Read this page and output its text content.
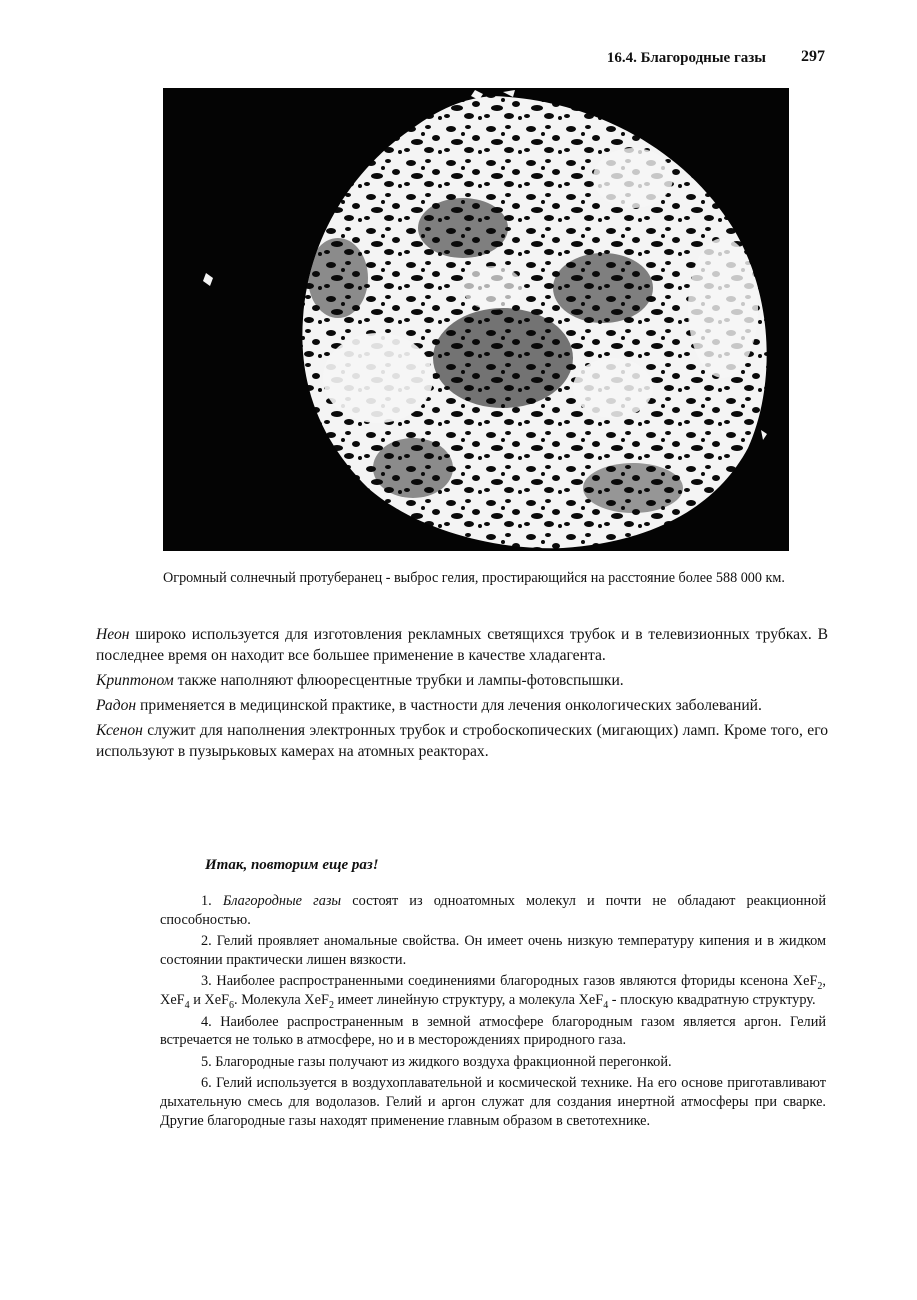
16.4. Благородные газы 297
Огромный солнечный протуберанец - выброс гелия, простирающийся на расстояние более 588 000 км.

Неон широко используется для изготовления рекламных светящихся трубок и в телевизионных трубках. В последнее время он находит все большее применение в качестве хладагента.

Криптоном также наполняют флюоресцентные трубки и лампы-фотовспышки.

Радон применяется в медицинской практике, в частности для лечения онкологических заболеваний.

Ксенон служит для наполнения электронных трубок и стробоскопических (мигающих) ламп. Кроме того, его используют в пузырьковых камерах на атомных реакторах.

Итак, повторим еще раз!
1. Благородные газы состоят из одноатомных молекул и почти не обладают реакционной способностью.
2. Гелий проявляет аномальные свойства. Он имеет очень низкую температуру кипения и в жидком состоянии практически лишен вязкости.
3. Наиболее распространенными соединениями благородных газов являются фториды ксенона XeF$_2$, XeF$_4$ и XeF$_6$. Молекула XeF$_2$ имеет линейную структуру, а молекула XeF$_4$ - плоскую квадратную структуру.
4. Наиболее распространенным в земной атмосфере благородным газом является аргон. Гелий встречается не только в атмосфере, но и в месторождениях природного газа.
5. Благородные газы получают из жидкого воздуха фракционной перегонкой.
6. Гелий используется в воздухоплавательной и космической технике. На его основе приготавливают дыхательную смесь для водолазов. Гелий и аргон служат для создания инертной атмосферы при сварке. Другие благородные газы находят применение главным образом в светотехнике.
